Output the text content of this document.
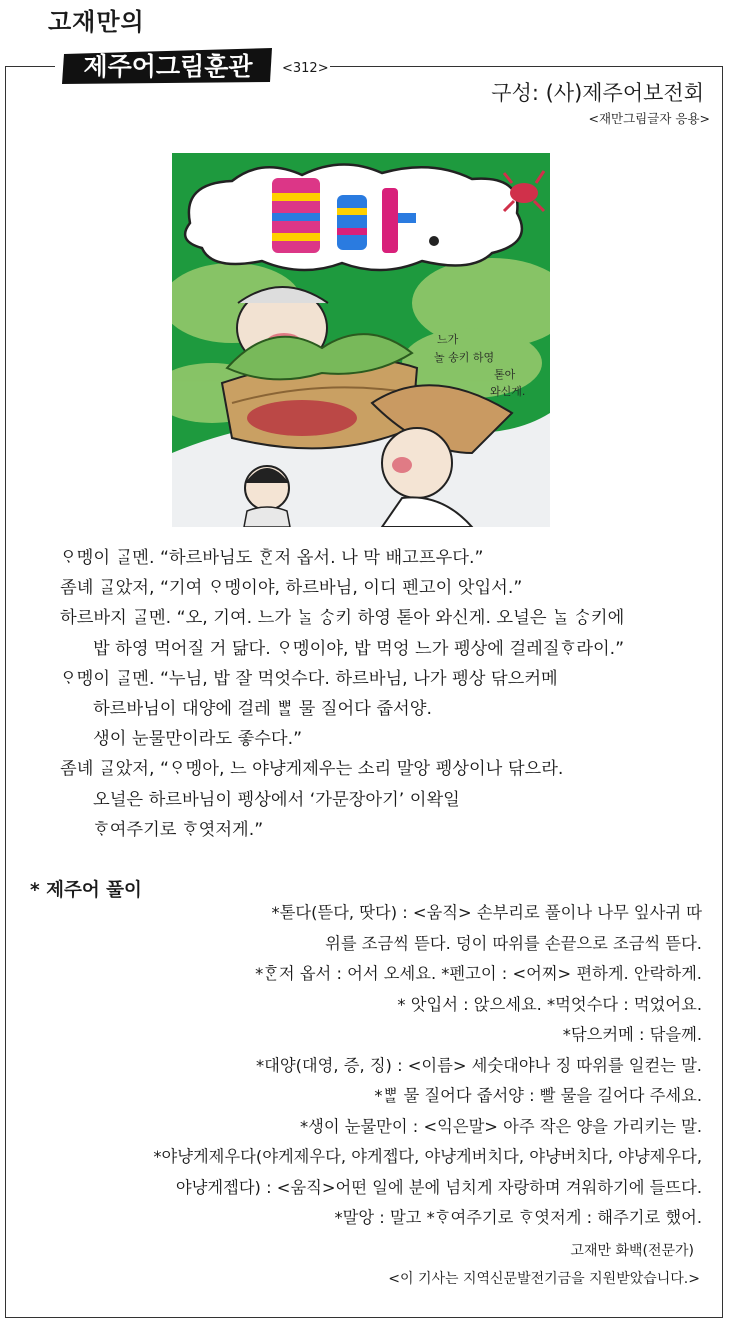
고재만의
제주어그림훈관 <312>
구성: (사)제주어보전회
<재만그림글자 응용>
느가
놀 송키 하영
톧아
와신게.

ᄋᆞ멩이 ᄀᆞᆯ멘. “하르바님도 ᄒᆞᆫ저 옵서. 나 막 배고프우다.”

좀녜 ᄀᆞᆯ았저, “기여 ᄋᆞ멩이야, 하르바님, 이디 펜고이 앗입서.”

하르바지 ᄀᆞᆯ멘. “오, 기여. 느가 ᄂᆞᆯ ᄉᆞᆼ키 하영 톧아 와신게. 오널은 ᄂᆞᆯ ᄉᆞᆼ키에

밥 하영 먹어질 거 닮다. ᄋᆞ멩이야, 밥 먹엉 느가 펭상에 걸레질ᄒᆞ라이.”

ᄋᆞ멩이 ᄀᆞᆯ멘. “누님, 밥 잘 먹엇수다. 하르바님, 나가 펭상 닦으커메

하르바님이 대양에 걸레 ᄈᆞᆯ 물 질어다 줍서양.

생이 눈물만이라도 좋수다.”

좀녜 ᄀᆞᆯ았저, “ᄋᆞ멩아, 느 야냥게제우는 소리 말앙 펭상이나 닦으라.

오널은 하르바님이 펭상에서 ‘가문장아기’ 이왁일

ᄒᆞ여주기로 ᄒᆞ엿저게.”

* 제주어 풀이

*톧다(뜯다, 땃다) : <움직> 손부리로 풀이나 나무 잎사귀 따

위를 조금씩 뜯다. 덩이 따위를 손끝으로 조금씩 뜯다.

*ᄒᆞᆫ저 옵서 : 어서 오세요. *펜고이 : <어찌> 편하게. 안락하게.

* 앗입서 : 앉으세요. *먹엇수다 : 먹었어요.

*닦으커메 : 닦을께.

*대양(대영, 증, 징) : <이름> 세숫대야나 징 따위를 일컫는 말.

*ᄈᆞᆯ 물 질어다 줍서양 : 빨 물을 길어다 주세요.

*생이 눈물만이 : <익은말> 아주 작은 양을 가리키는 말.

*야냥게제우다(야게제우다, 야게젭다, 야냥게버치다, 야냥버치다, 야냥제우다,

야냥게젭다) : <움직>어떤 일에 분에 넘치게 자랑하며 겨워하기에 들뜨다.

*말앙 : 말고 *ᄒᆞ여주기로 ᄒᆞ엿저게 : 해주기로 했어.

고재만 화백(전문가)
<이 기사는 지역신문발전기금을 지원받았습니다.>
